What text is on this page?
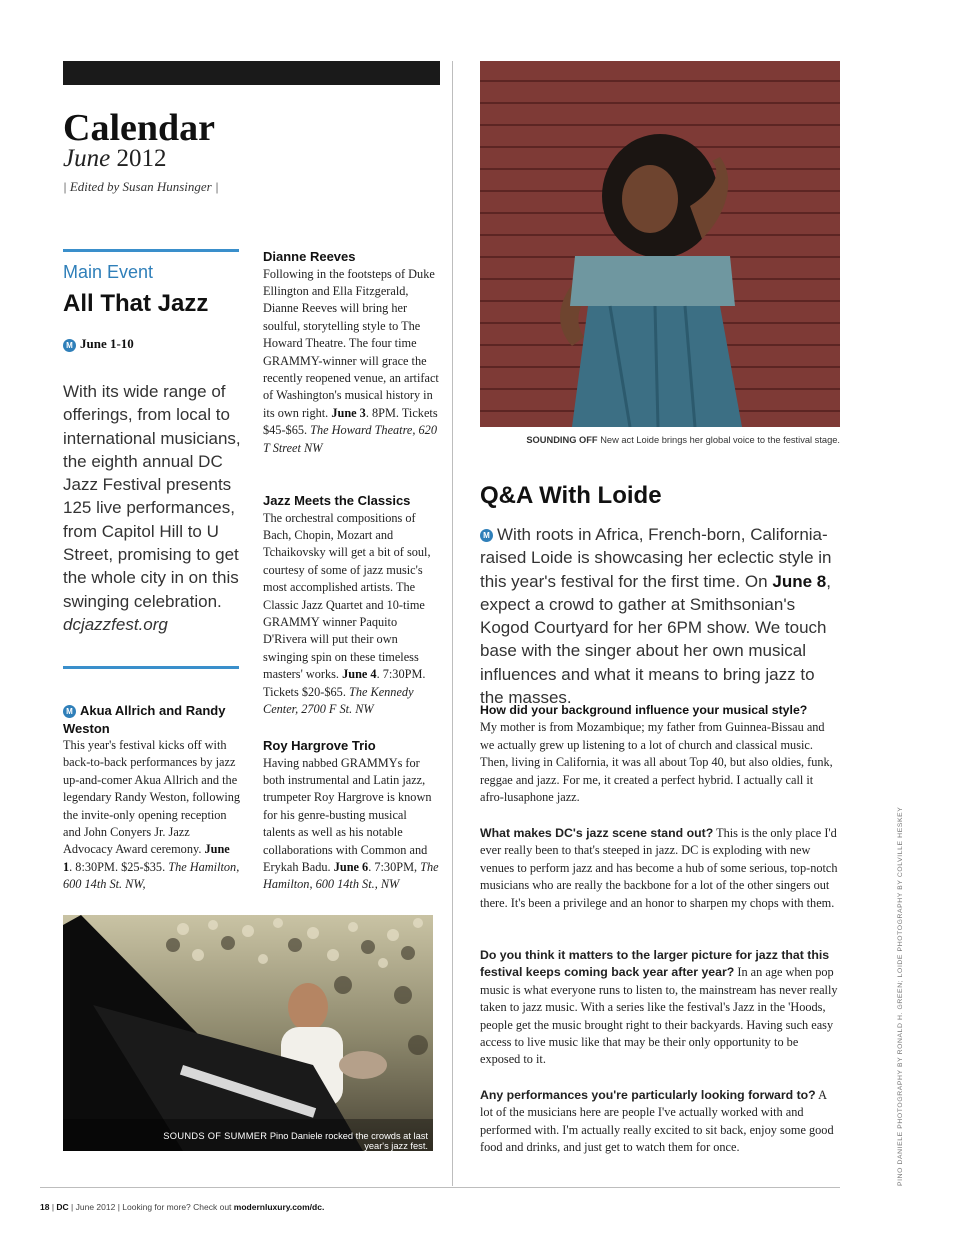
Calendar
June 2012
| Edited by Susan Hunsinger |
Main Event
All That Jazz
M June 1-10
With its wide range of offerings, from local to international musicians, the eighth annual DC Jazz Festival presents 125 live performances, from Capitol Hill to U Street, promising to get the whole city in on this swinging celebration.
dcjazzfest.org
M Akua Allrich and Randy Weston
This year's festival kicks off with back-to-back performances by jazz up-and-comer Akua Allrich and the legendary Randy Weston, following the invite-only opening reception and John Conyers Jr. Jazz Advocacy Award ceremony. June 1. 8:30PM. $25-$35. The Hamilton, 600 14th St. NW,
Dianne Reeves
Following in the footsteps of Duke Ellington and Ella Fitzgerald, Dianne Reeves will bring her soulful, storytelling style to The Howard Theatre. The four time GRAMMY-winner will grace the recently reopened venue, an artifact of Washington's musical history in its own right. June 3. 8PM. Tickets $45-$65. The Howard Theatre, 620 T Street NW
Jazz Meets the Classics
The orchestral compositions of Bach, Chopin, Mozart and Tchaikovsky will get a bit of soul, courtesy of some of jazz music's most accomplished artists. The Classic Jazz Quartet and 10-time GRAMMY winner Paquito D'Rivera will put their own swinging spin on these timeless masters' works. June 4. 7:30PM. Tickets $20-$65. The Kennedy Center, 2700 F St. NW
Roy Hargrove Trio
Having nabbed GRAMMYs for both instrumental and Latin jazz, trumpeter Roy Hargrove is known for his genre-busting musical talents as well as his notable collaborations with Common and Erykah Badu. June 6. 7:30PM, The Hamilton, 600 14th St., NW
SOUNDS OF SUMMER Pino Daniele rocked the crowds at last year's jazz fest.
SOUNDING OFF New act Loide brings her global voice to the festival stage.
Q&A With Loide
M With roots in Africa, French-born, California-raised Loide is showcasing her eclectic style in this year's festival for the first time. On June 8, expect a crowd to gather at Smithsonian's Kogod Courtyard for her 6PM show. We touch base with the singer about her own musical influences and what it means to bring jazz to the masses.
How did your background influence your musical style?
My mother is from Mozambique; my father from Guinnea-Bissau and we actually grew up listening to a lot of church and classical music. Then, living in California, it was all about Top 40, but also oldies, funk, reggae and jazz. For me, it created a perfect hybrid. I actually call it afro-lusaphone jazz.
What makes DC's jazz scene stand out? This is the only place I'd ever really been to that's steeped in jazz. DC is exploding with new venues to perform jazz and has become a hub of some serious, top-notch musicians who are really the backbone for a lot of the other singers out there. It's been a privilege and an honor to sharpen my chops with them.
Do you think it matters to the larger picture for jazz that this festival keeps coming back year after year? In an age when pop music is what everyone runs to listen to, the mainstream has never really taken to jazz music. With a series like the festival's Jazz in the 'Hoods, people get the music brought right to their backyards. Having such easy access to live music like that may be their only opportunity to be exposed to it.
Any performances you're particularly looking forward to? A lot of the musicians here are people I've actually worked with and performed with. I'm actually really excited to sit back, enjoy some good food and drinks, and just get to watch them for once.
18 | DC | June 2012 | Looking for more? Check out modernluxury.com/dc.
PINO DANIELE PHOTOGRAPHY BY RONALD H. GREEN; LOIDE PHOTOGRAPHY BY COLVILLE HESKEY
